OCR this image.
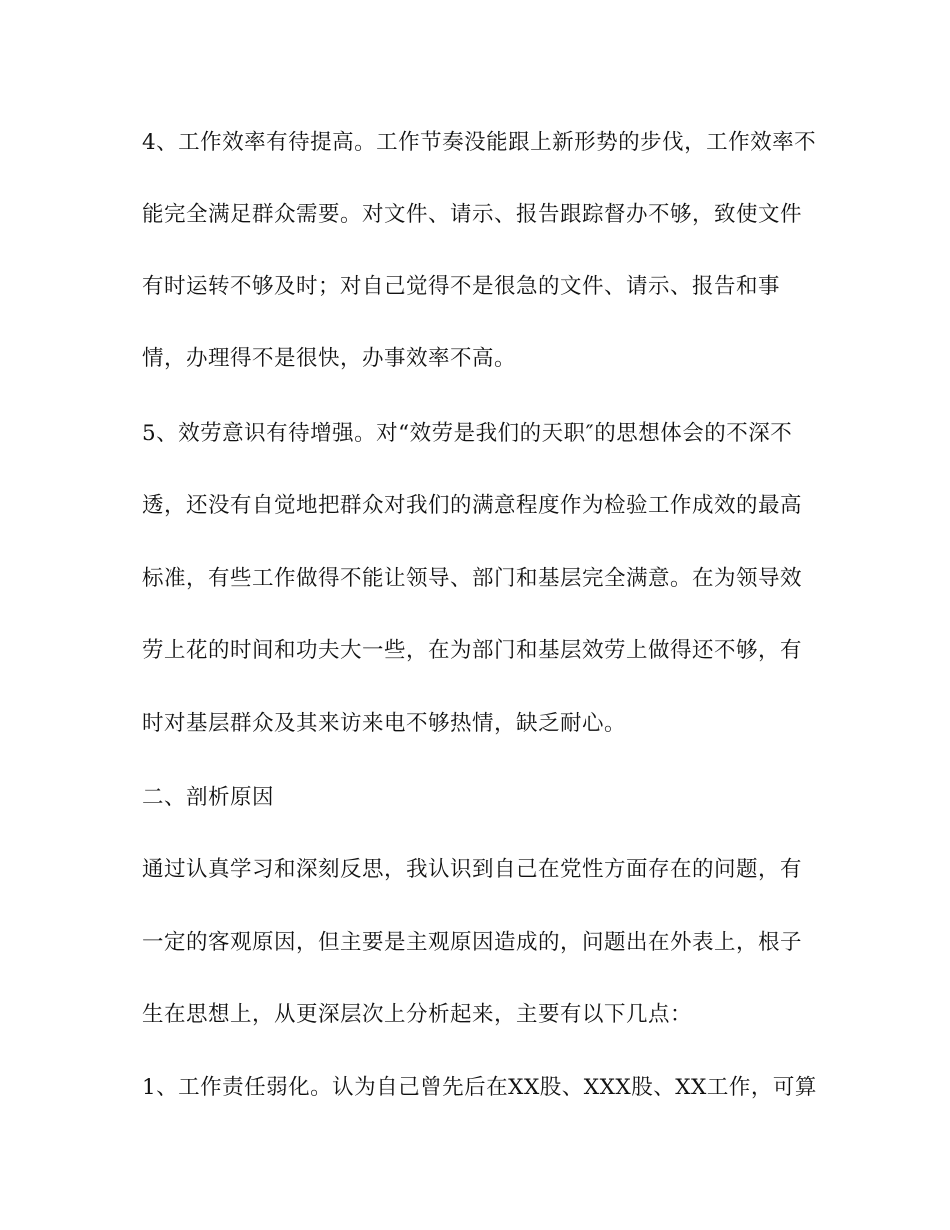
4、工作效率有待提高。工作节奏没能跟上新形势的步伐，工作效率不
能完全满足群众需要。对文件、请示、报告跟踪督办不够，致使文件
有时运转不够及时；对自己觉得不是很急的文件、请示、报告和事
情，办理得不是很快，办事效率不高。
5、效劳意识有待增强。对“效劳是我们的天职″的思想体会的不深不
透，还没有自觉地把群众对我们的满意程度作为检验工作成效的最高
标准，有些工作做得不能让领导、部门和基层完全满意。在为领导效
劳上花的时间和功夫大一些，在为部门和基层效劳上做得还不够，有
时对基层群众及其来访来电不够热情，缺乏耐心。
二、剖析原因
通过认真学习和深刻反思，我认识到自己在党性方面存在的问题，有
一定的客观原因，但主要是主观原因造成的，问题出在外表上，根子
生在思想上，从更深层次上分析起来，主要有以下几点：
1、工作责任弱化。认为自己曾先后在XX股、XXX股、XX工作，可算
